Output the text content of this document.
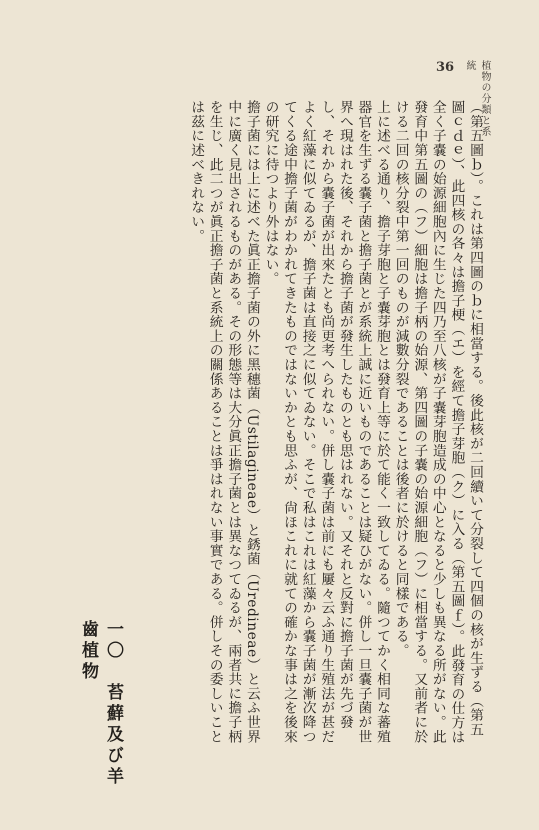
36	植物の分類と系統

（第五圖ｂ）。これは第四圖のｂに相當する。後此核が二回續いて分裂して四個の核が生ずる（第五圖ｃｄｅ）、此四核の各々は擔子梗（エ）を經て擔子芽胞（ク）に入る（第五圖ｆ）。此發育の仕方は全く子嚢の始源細胞內に生じた四乃至八核が子嚢芽胞造成の中心となると少しも異なる所がない。此發育中第五圖の（フ）細胞は擔子柄の始源、第四圖の子嚢の始源細胞（フ）に相當する。又前者に於ける二回の核分裂中第一回のものが減數分裂であることは後者に於けると同樣である。

上に述べる通り、擔子芽胞と子嚢芽胞とは發育上等に於て能く一致してゐる。隨つてかく相同な蕃殖器官を生ずる嚢子菌と擔子菌とが系統上誠に近いものであることは疑ひがない。併し一旦嚢子菌が世界へ現はれた後、それから擔子菌が發生したものとも思はれない。又それと反對に擔子菌が先づ發し、それから嚢子菌が出來たとも尚更考へられない。併し嚢子菌は前にも屢々云ふ通り生殖法が甚だよく紅藻に似てゐるが、擔子菌は直接之に似てゐない。そこで私はこれは紅藻から嚢子菌が漸次降つてくる途中擔子菌がわかれてきたものではないかとも思ふが、尙ほこれに就ての確かな事は之を後來の研究に待つより外はない。

擔子菌には上に述べた眞正擔子菌の外に黑穗菌（Ustilagineae）と銹菌（Uredineae）と云ふ世界中に廣く見出されるものがある。その形態等は大分眞正擔子菌とは異なつてゐるが、兩者共に擔子柄を生じ、此二つが眞正擔子菌と系統上の關係あることは爭はれない事實である。併しその委しいことは茲に述べきれない。

一〇　苔蘚及び羊齒植物
